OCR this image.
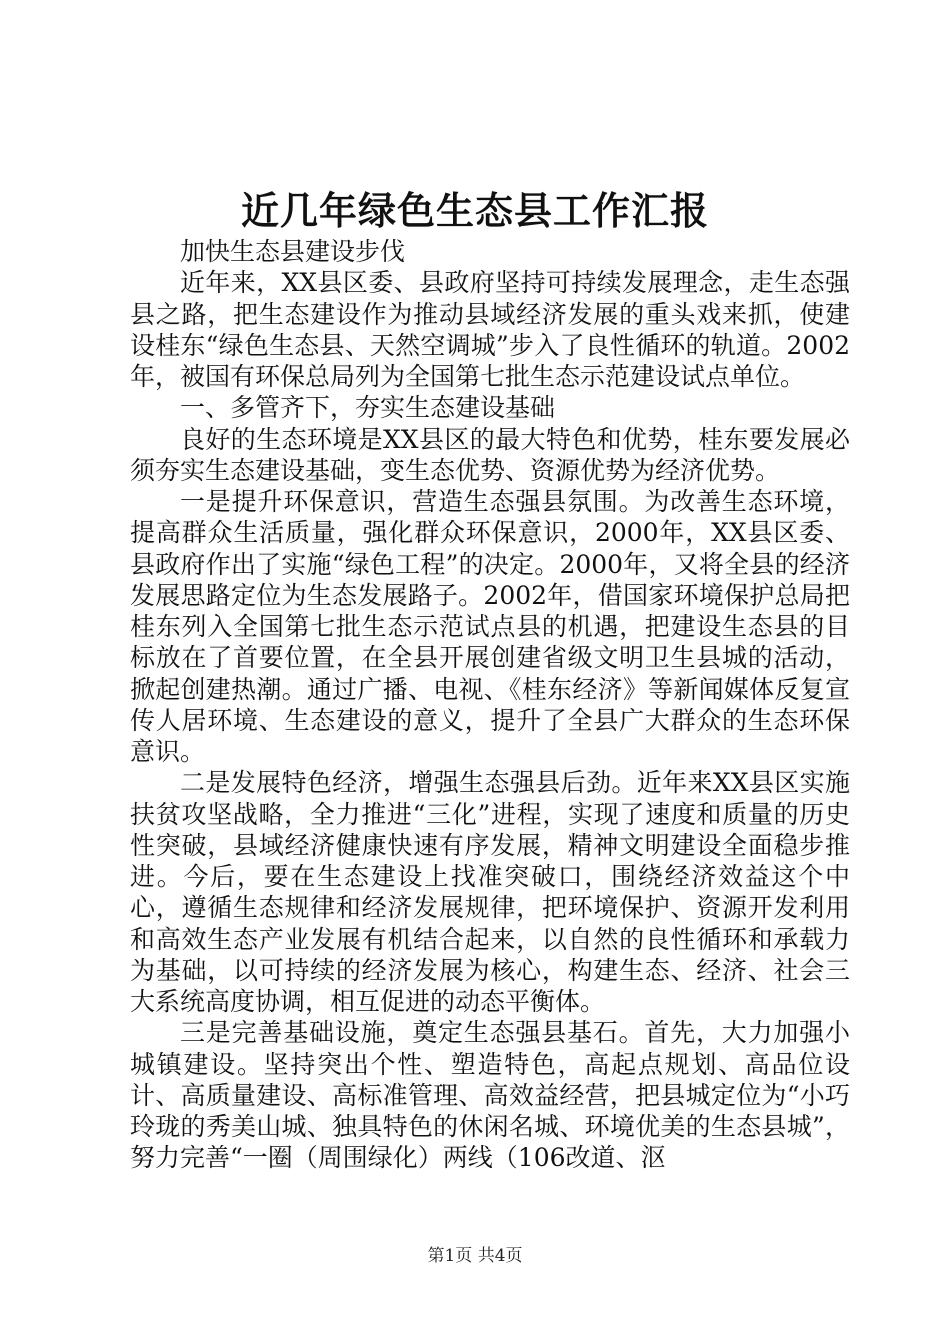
近几年绿色生态县工作汇报

加快生态县建设步伐

近年来，XX县区委、县政府坚持可持续发展理念，走生态强县之路，把生态建设作为推动县域经济发展的重头戏来抓，使建设桂东“绿色生态县、天然空调城”步入了良性循环的轨道。2002年，被国有环保总局列为全国第七批生态示范建设试点单位。

一、多管齐下，夯实生态建设基础

良好的生态环境是XX县区的最大特色和优势，桂东要发展必须夯实生态建设基础，变生态优势、资源优势为经济优势。

一是提升环保意识，营造生态强县氛围。为改善生态环境，提高群众生活质量，强化群众环保意识，2000年，XX县区委、县政府作出了实施“绿色工程”的决定。2000年，又将全县的经济发展思路定位为生态发展路子。2002年，借国家环境保护总局把桂东列入全国第七批生态示范试点县的机遇，把建设生态县的目标放在了首要位置，在全县开展创建省级文明卫生县城的活动，掀起创建热潮。通过广播、电视、《桂东经济》等新闻媒体反复宣传人居环境、生态建设的意义，提升了全县广大群众的生态环保意识。

二是发展特色经济，增强生态强县后劲。近年来XX县区实施扶贫攻坚战略，全力推进“三化”进程，实现了速度和质量的历史性突破，县域经济健康快速有序发展，精神文明建设全面稳步推进。今后，要在生态建设上找准突破口，围绕经济效益这个中心，遵循生态规律和经济发展规律，把环境保护、资源开发利用和高效生态产业发展有机结合起来，以自然的良性循环和承载力为基础，以可持续的经济发展为核心，构建生态、经济、社会三大系统高度协调，相互促进的动态平衡体。

三是完善基础设施，奠定生态强县基石。首先，大力加强小城镇建设。坚持突出个性、塑造特色，高起点规划、高品位设计、高质量建设、高标准管理、高效益经营，把县城定位为“小巧玲珑的秀美山城、独具特色的休闲名城、环境优美的生态县城”，努力完善“一圈（周围绿化）两线（106改道、沤

第1页 共4页
